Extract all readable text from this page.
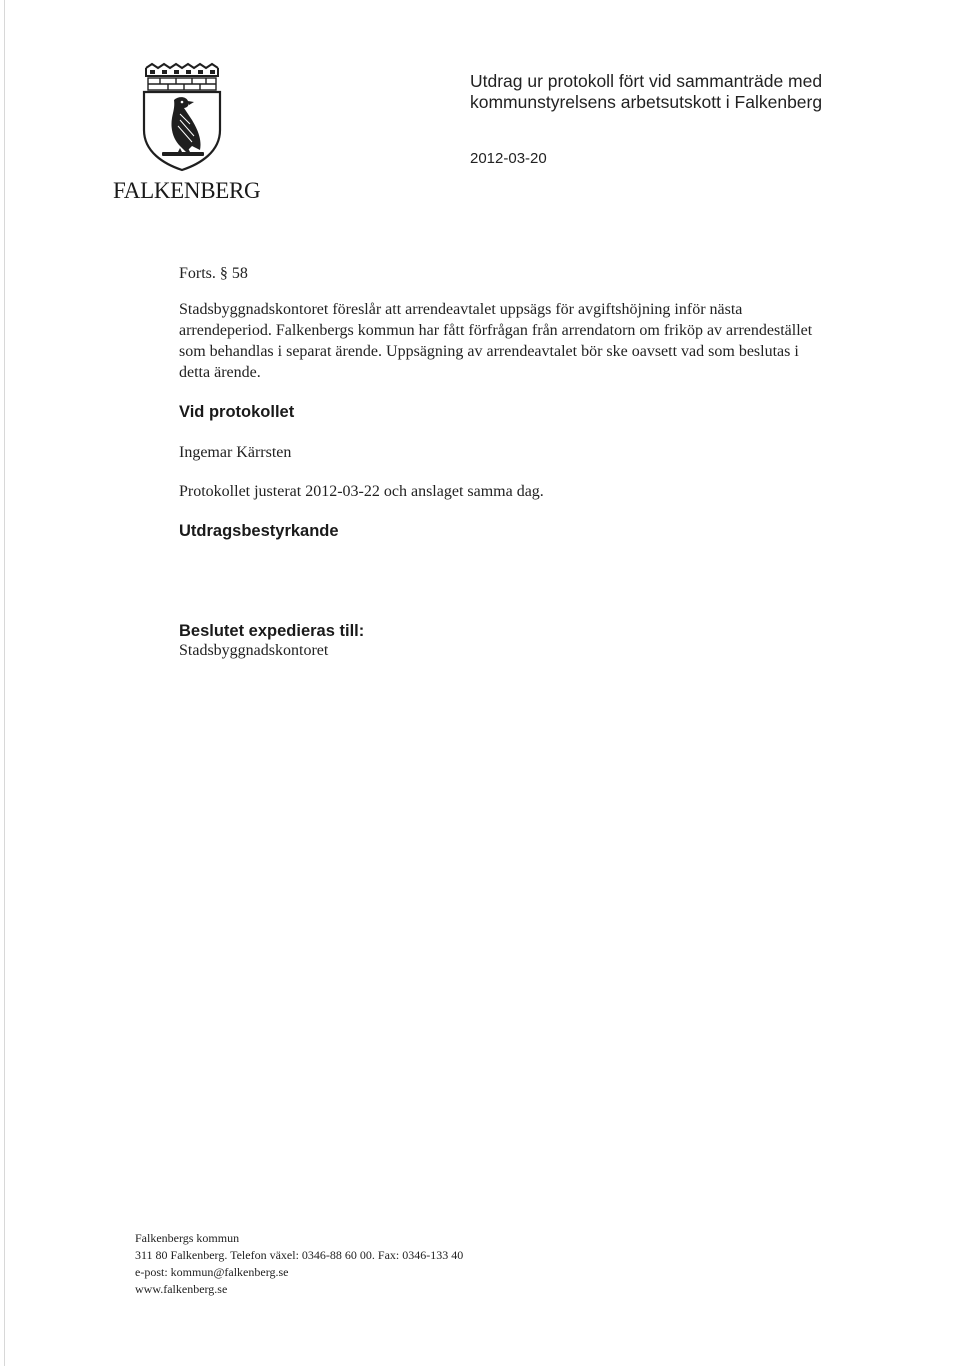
FALKENBERG
Utdrag ur protokoll fört vid sammanträde med
kommunstyrelsens arbetsutskott i Falkenberg
2012-03-20
Forts. § 58
Stadsbyggnadskontoret föreslår att arrendeavtalet uppsägs för avgiftshöjning inför nästa
arrendeperiod. Falkenbergs kommun har fått förfrågan från arrendatorn om friköp av arrendestället
som behandlas i separat ärende. Uppsägning av arrendeavtalet bör ske oavsett vad som beslutas i
detta ärende.
Vid protokollet
Ingemar Kärrsten
Protokollet justerat 2012-03-22 och anslaget samma dag.
Utdragsbestyrkande
Beslutet expedieras till:
Stadsbyggnadskontoret
Falkenbergs kommun
311 80 Falkenberg. Telefon växel: 0346-88 60 00. Fax: 0346-133 40
e-post: kommun@falkenberg.se
www.falkenberg.se
